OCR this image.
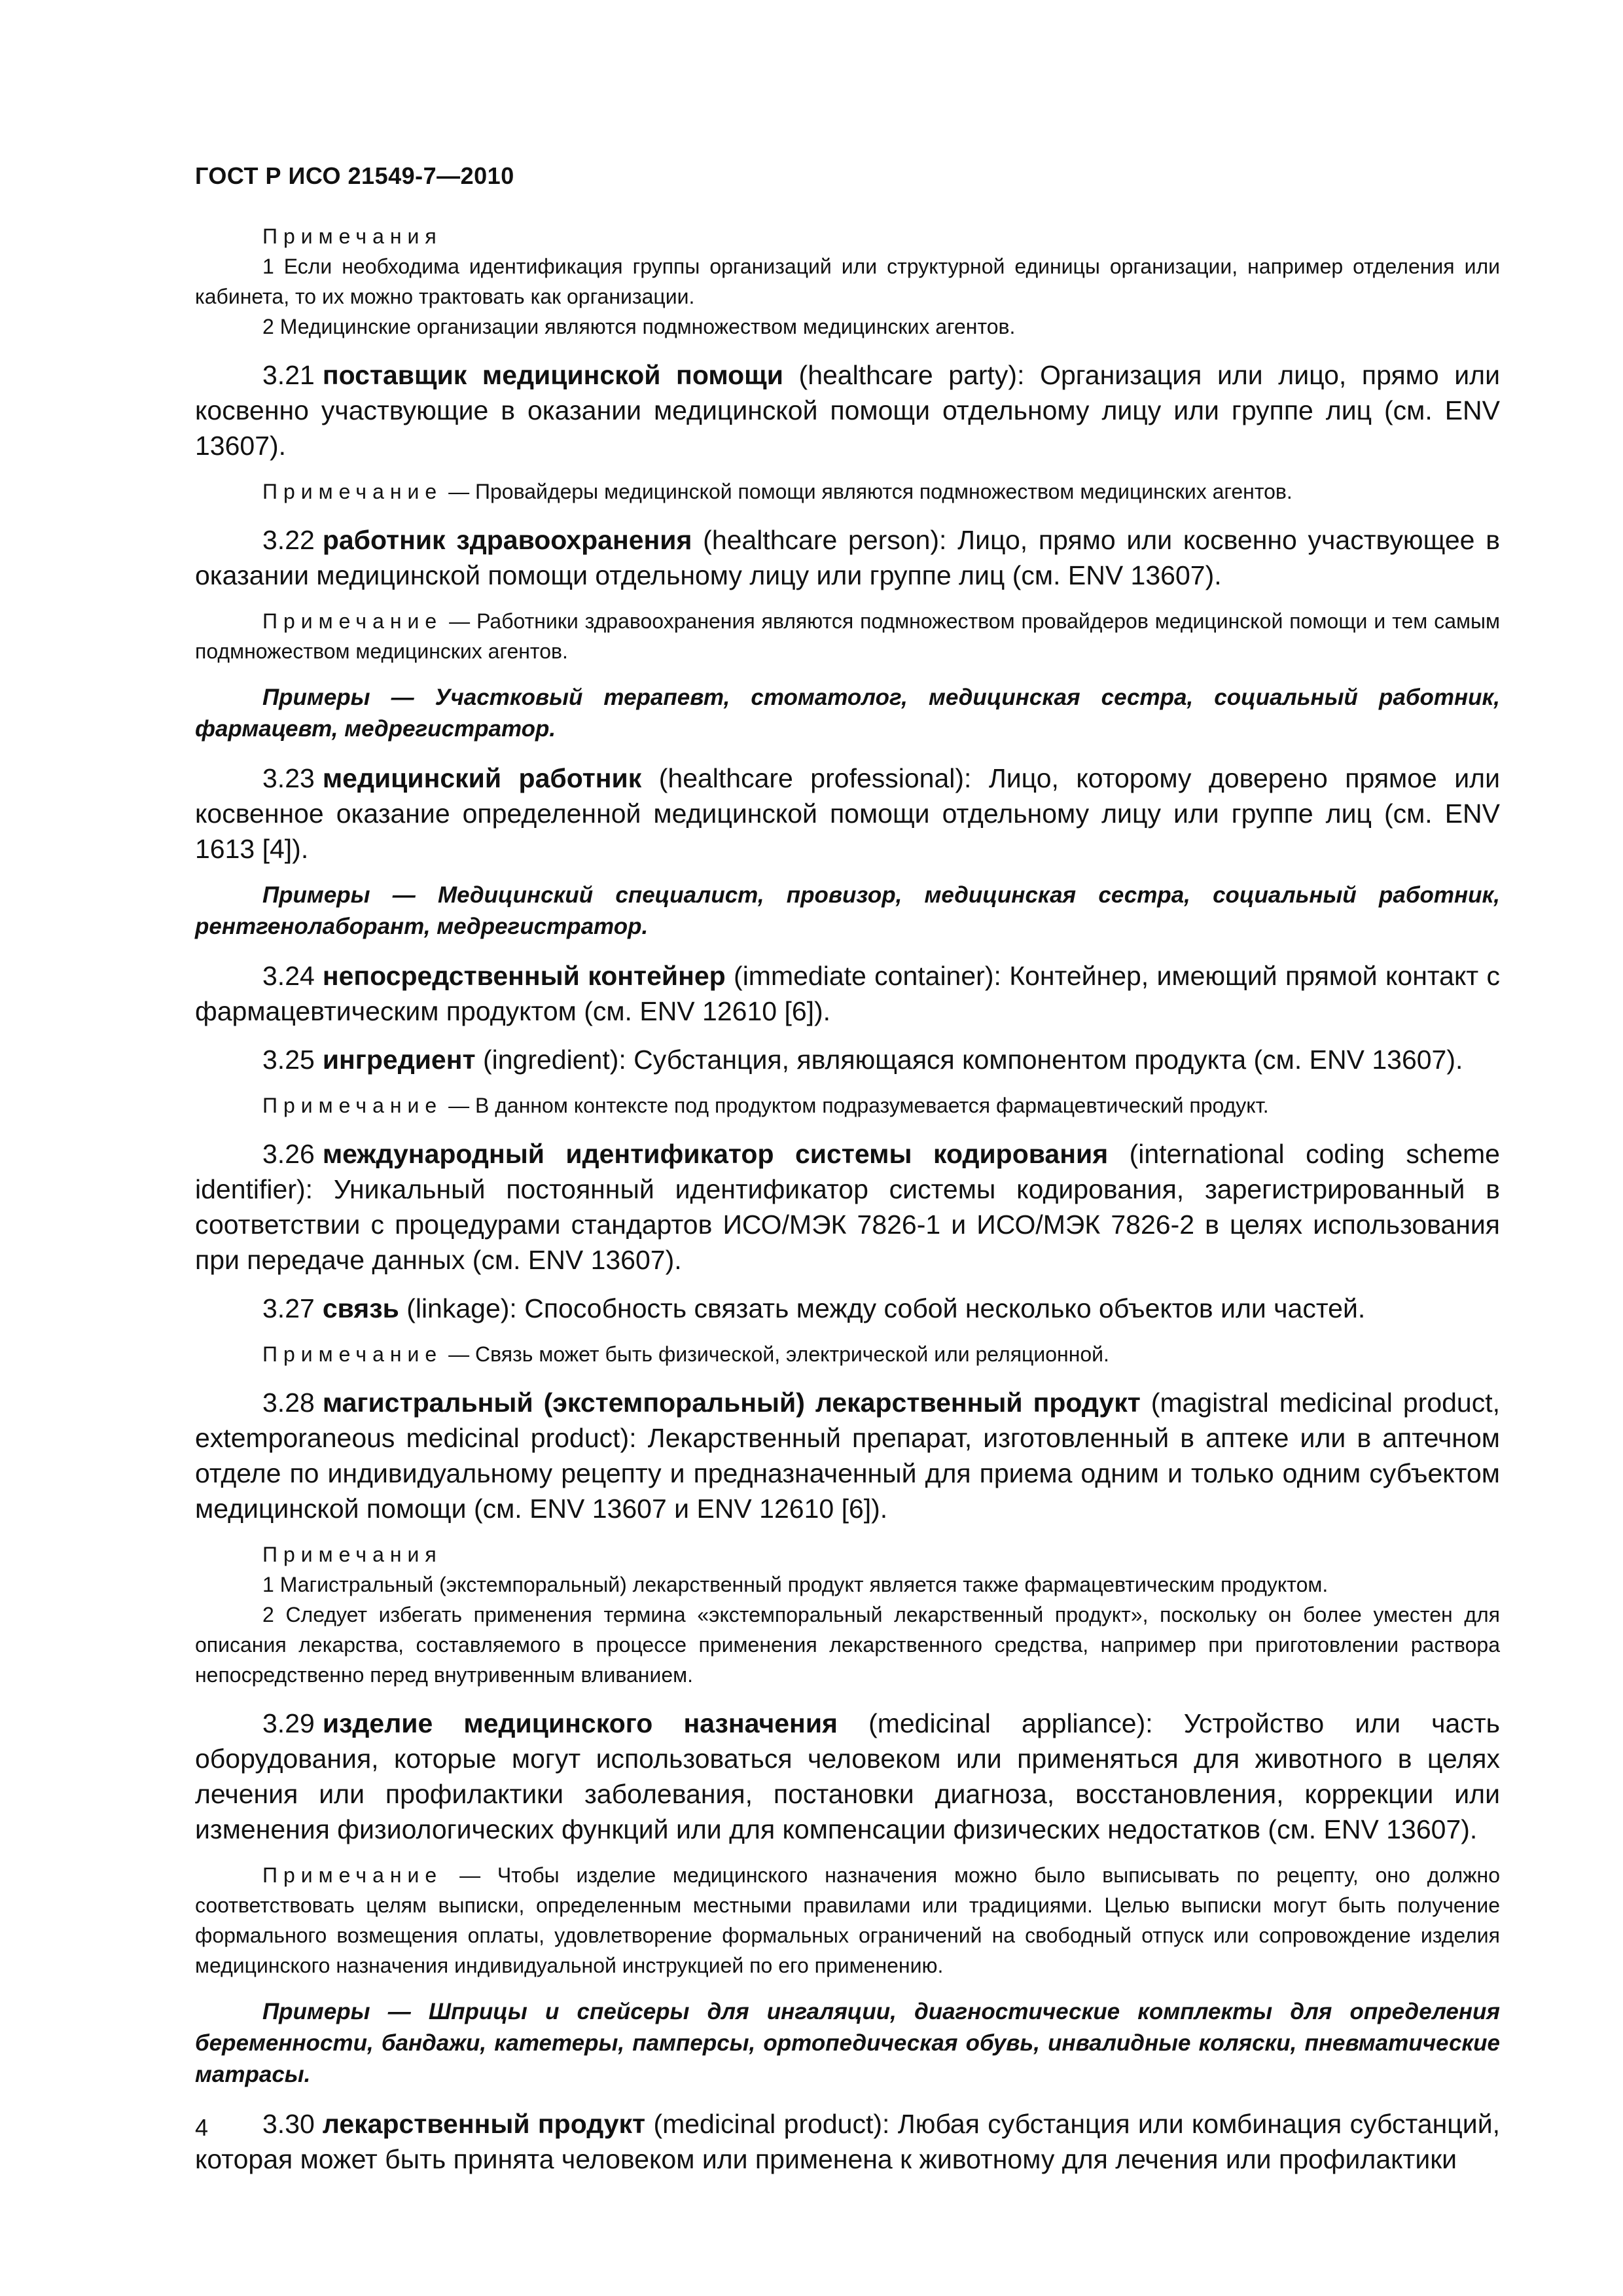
ГОСТ Р ИСО 21549-7—2010
Примечания
1 Если необходима идентификация группы организаций или структурной единицы организации, например отделения или кабинета, то их можно трактовать как организации.
2 Медицинские организации являются подмножеством медицинских агентов.

3.21 поставщик медицинской помощи (healthcare party): Организация или лицо, прямо или косвенно участвующие в оказании медицинской помощи отдельному лицу или группе лиц (см. ENV 13607).

Примечание — Провайдеры медицинской помощи являются подмножеством медицинских агентов.

3.22 работник здравоохранения (healthcare person): Лицо, прямо или косвенно участвующее в оказании медицинской помощи отдельному лицу или группе лиц (см. ENV 13607).

Примечание — Работники здравоохранения являются подмножеством провайдеров медицинской помощи и тем самым подмножеством медицинских агентов.

Примеры — Участковый терапевт, стоматолог, медицинская сестра, социальный работник, фармацевт, медрегистратор.

3.23 медицинский работник (healthcare professional): Лицо, которому доверено прямое или косвенное оказание определенной медицинской помощи отдельному лицу или группе лиц (см. ENV 1613 [4]).

Примеры — Медицинский специалист, провизор, медицинская сестра, социальный работник, рентгенолаборант, медрегистратор.

3.24 непосредственный контейнер (immediate container): Контейнер, имеющий прямой контакт с фармацевтическим продуктом (см. ENV 12610 [6]).

3.25 ингредиент (ingredient): Субстанция, являющаяся компонентом продукта (см. ENV 13607).

Примечание — В данном контексте под продуктом подразумевается фармацевтический продукт.

3.26 международный идентификатор системы кодирования (international coding scheme identifier): Уникальный постоянный идентификатор системы кодирования, зарегистрированный в соответствии с процедурами стандартов ИСО/МЭК 7826-1 и ИСО/МЭК 7826-2 в целях использования при передаче данных (см. ENV 13607).

3.27 связь (linkage): Способность связать между собой несколько объектов или частей.

Примечание — Связь может быть физической, электрической или реляционной.

3.28 магистральный (экстемпоральный) лекарственный продукт (magistral medicinal product, extemporaneous medicinal product): Лекарственный препарат, изготовленный в аптеке или в аптечном отделе по индивидуальному рецепту и предназначенный для приема одним и только одним субъектом медицинской помощи (см. ENV 13607 и ENV 12610 [6]).

Примечания
1 Магистральный (экстемпоральный) лекарственный продукт является также фармацевтическим продуктом.
2 Следует избегать применения термина «экстемпоральный лекарственный продукт», поскольку он более уместен для описания лекарства, составляемого в процессе применения лекарственного средства, например при приготовлении раствора непосредственно перед внутривенным вливанием.

3.29 изделие медицинского назначения (medicinal appliance): Устройство или часть оборудования, которые могут использоваться человеком или применяться для животного в целях лечения или профилактики заболевания, постановки диагноза, восстановления, коррекции или изменения физиологических функций или для компенсации физических недостатков (см. ENV 13607).

Примечание — Чтобы изделие медицинского назначения можно было выписывать по рецепту, оно должно соответствовать целям выписки, определенным местными правилами или традициями. Целью выписки могут быть получение формального возмещения оплаты, удовлетворение формальных ограничений на свободный отпуск или сопровождение изделия медицинского назначения индивидуальной инструкцией по его применению.

Примеры — Шприцы и спейсеры для ингаляции, диагностические комплекты для определения беременности, бандажи, катетеры, памперсы, ортопедическая обувь, инвалидные коляски, пневматические матрасы.

3.30 лекарственный продукт (medicinal product): Любая субстанция или комбинация субстанций, которая может быть принята человеком или применена к животному для лечения или профилактики

4
